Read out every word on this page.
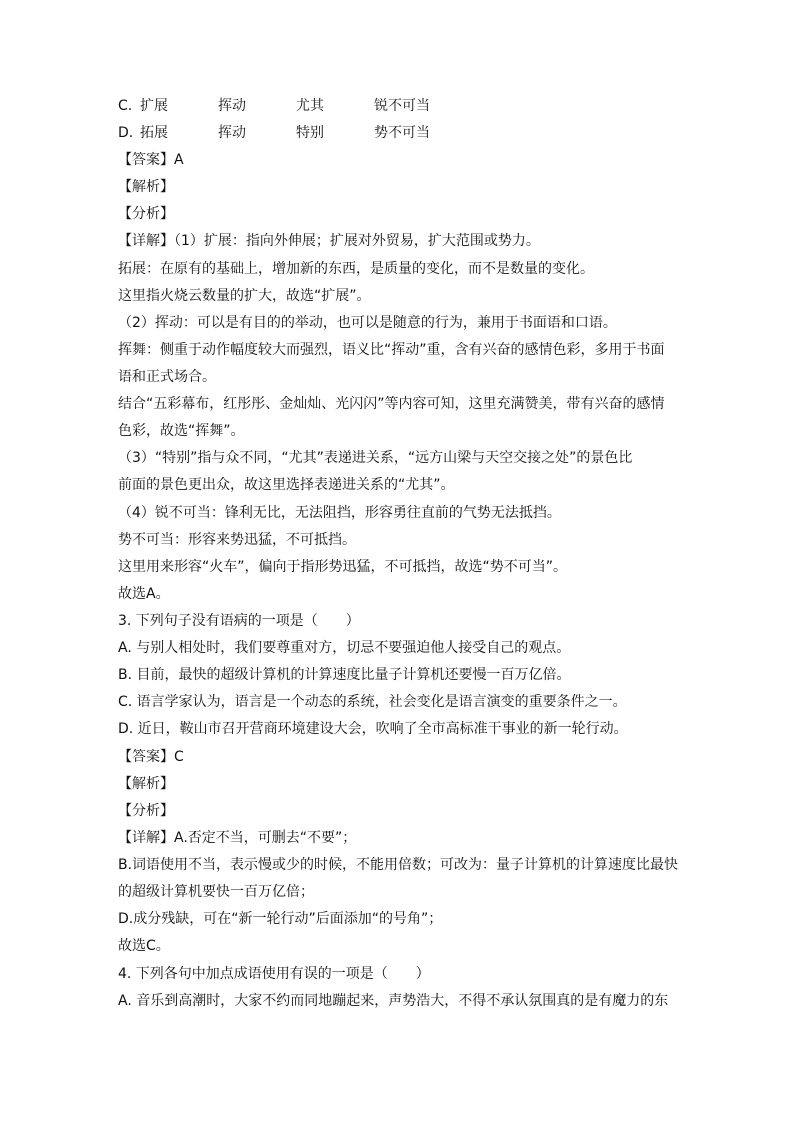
C. 扩展	挥动	尤其	锐不可当
D. 拓展	挥动	特别	势不可当
【答案】A
【解析】
【分析】
【详解】（1）扩展：指向外伸展；扩展对外贸易，扩大范围或势力。
拓展：在原有的基础上，增加新的东西，是质量的变化，而不是数量的变化。
这里指火烧云数量的扩大，故选“扩展”。
（2）挥动：可以是有目的的举动，也可以是随意的行为，兼用于书面语和口语。
挥舞：侧重于动作幅度较大而强烈，语义比“挥动”重，含有兴奋的感情色彩，多用于书面
语和正式场合。
结合“五彩幕布，红彤彤、金灿灿、光闪闪”等内容可知，这里充满赞美，带有兴奋的感情
色彩，故选“挥舞”。
（3）“特别”指与众不同，“尤其”表递进关系，“远方山梁与天空交接之处”的景色比
前面的景色更出众，故这里选择表递进关系的“尤其”。
（4）锐不可当：锋利无比，无法阻挡，形容勇往直前的气势无法抵挡。
势不可当：形容来势迅猛，不可抵挡。
这里用来形容“火车”，偏向于指形势迅猛，不可抵挡，故选“势不可当”。
故选A。
3. 下列句子没有语病的一项是（　　）
A. 与别人相处时，我们要尊重对方，切忌不要强迫他人接受自己的观点。
B. 目前，最快的超级计算机的计算速度比量子计算机还要慢一百万亿倍。
C. 语言学家认为，语言是一个动态的系统，社会变化是语言演变的重要条件之一。
D. 近日，鞍山市召开营商环境建设大会，吹响了全市高标准干事业的新一轮行动。
【答案】C
【解析】
【分析】
【详解】A.否定不当，可删去“不要”；
B.词语使用不当，表示慢或少的时候，不能用倍数；可改为：量子计算机的计算速度比最快
的超级计算机要快一百万亿倍；
D.成分残缺，可在“新一轮行动”后面添加“的号角”；
故选C。
4. 下列各句中加点成语使用有误的一项是（　　）
A. 音乐到高潮时，大家不约而同地蹦起来，声势浩大，不得不承认氛围真的是有魔力的东
